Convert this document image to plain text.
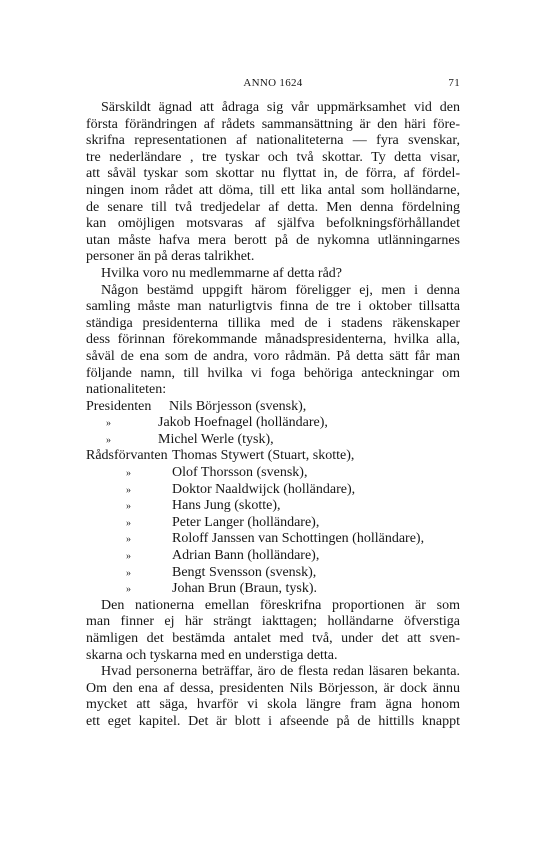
ANNO 1624	71
Särskildt ägnad att ådraga sig vår uppmärksamhet vid den
första förändringen af rådets sammansättning är den häri före-
skrifna representationen af nationaliteterna — fyra svenskar,
tre nederländare , tre tyskar och två skottar. Ty detta visar,
att såväl tyskar som skottar nu flyttat in, de förra, af fördel-
ningen inom rådet att döma, till ett lika antal som holländarne,
de senare till två tredjedelar af detta. Men denna fördelning
kan omöjligen motsvaras af själfva befolkningsförhållandet
utan måste hafva mera berott på de nykomna utlänningarnes
personer än på deras talrikhet.
Hvilka voro nu medlemmarne af detta råd?
Någon bestämd uppgift härom föreligger ej, men i denna
samling måste man naturligtvis finna de tre i oktober tillsatta
ständiga presidenterna tillika med de i stadens räkenskaper
dess förinnan förekommande månadspresidenterna, hvilka alla,
såväl de ena som de andra, voro rådmän. På detta sätt får man
följande namn, till hvilka vi foga behöriga anteckningar om
nationaliteten:
Presidenten	Nils Börjesson (svensk),
»	Jakob Hoefnagel (holländare),
»	Michel Werle (tysk),
Rådsförvanten Thomas Stywert (Stuart, skotte),
»	Olof Thorsson (svensk),
»	Doktor Naaldwijck (holländare),
»	Hans Jung (skotte),
»	Peter Langer (holländare),
»	Roloff Janssen van Schottingen (holländare),
»	Adrian Bann (holländare),
»	Bengt Svensson (svensk),
»	Johan Brun (Braun, tysk).
Den nationerna emellan föreskrifna proportionen är som
man finner ej här strängt iakttagen; holländarne öfverstiga
nämligen det bestämda antalet med två, under det att sven-
skarna och tyskarna med en understiga detta.
Hvad personerna beträffar, äro de flesta redan läsaren bekanta.
Om den ena af dessa, presidenten Nils Börjesson, är dock ännu
mycket att säga, hvarför vi skola längre fram ägna honom
ett eget kapitel. Det är blott i afseende på de hittills knappt
